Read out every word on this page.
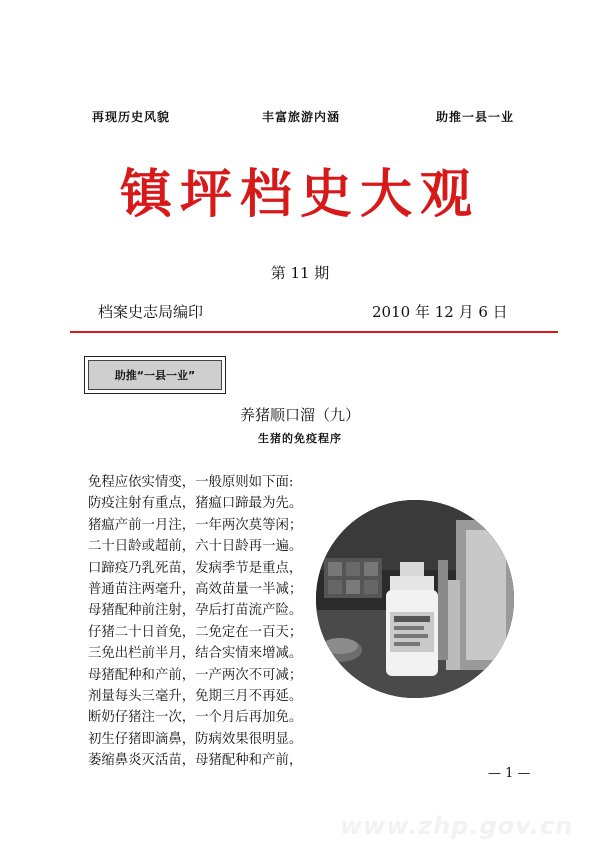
再现历史风貌	丰富旅游内涵	助推一县一业
镇坪档史大观
第 11 期
档案史志局编印	2010 年 12 月 6 日
助推“一县一业”
养猪顺口溜（九）
生猪的免疫程序
免程应依实情变，一般原则如下面:
防疫注射有重点，猪瘟口蹄最为先。
猪瘟产前一月注，一年两次莫等闲；
二十日龄或超前，六十日龄再一遍。
口蹄疫乃乳死苗，发病季节是重点，
普通苗注两毫升，高效苗量一半减；
母猪配种前注射，孕后打苗流产险。
仔猪二十日首免，二免定在一百天；
三免出栏前半月，结合实情来增减。
母猪配种和产前，一产两次不可减；
剂量每头三毫升，免期三月不再延。
断奶仔猪注一次，一个月后再加免。
初生仔猪即滴鼻，防病效果很明显。
萎缩鼻炎灭活苗，母猪配种和产前，
— 1 —
www.zhp.gov.cn
